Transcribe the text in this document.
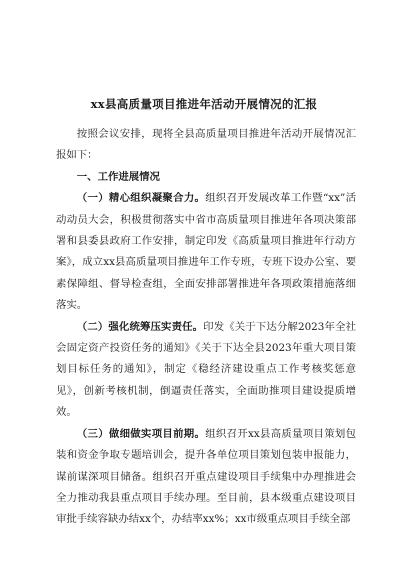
xx县高质量项目推进年活动开展情况的汇报

按照会议安排，现将全县高质量项目推进年活动开展情况汇报如下：

一、工作进展情况

（一）精心组织凝聚合力。组织召开发展改革工作暨“xx”活动动员大会，积极贯彻落实中省市高质量项目推进年各项决策部署和县委县政府工作安排，制定印发《高质量项目推进年行动方案》，成立xx县高质量项目推进年工作专班，专班下设办公室、要素保障组、督导检查组，全面安排部署推进年各项政策措施落细落实。

（二）强化统筹压实责任。印发《关于下达分解2023年全社会固定资产投资任务的通知》《关于下达全县2023年重大项目策划目标任务的通知》，制定《稳经济建设重点工作考核奖惩意见》，创新考核机制，倒逼责任落实，全面助推项目建设提质增效。

（三）做细做实项目前期。组织召开xx县高质量项目策划包装和资金争取专题培训会，提升各单位项目策划包装申报能力，谋前谋深项目储备。组织召开重点建设项目手续集中办理推进会全力推动我县重点项目手续办理。至目前，县本级重点建设项目审批手续容缺办结xx个，办结率xx%；xx市级重点项目手续全部
